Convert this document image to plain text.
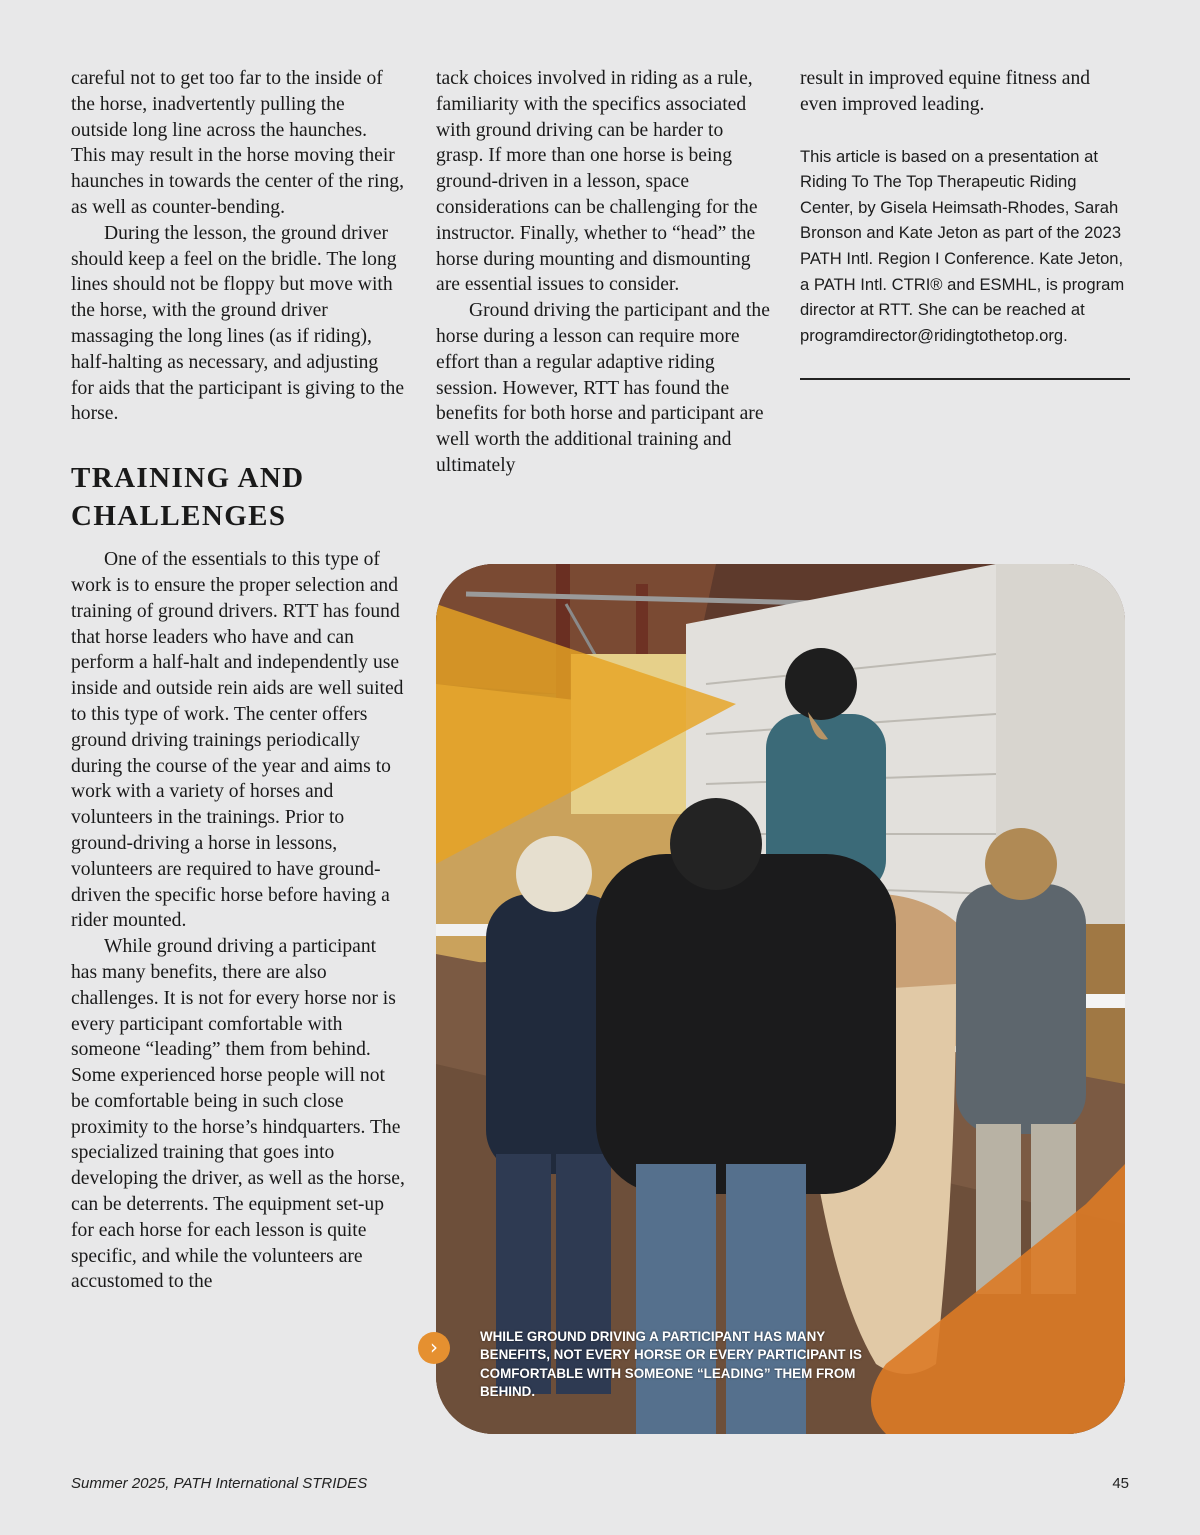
careful not to get too far to the inside of the horse, inadvertently pulling the outside long line across the haunches. This may result in the horse moving their haunches in towards the center of the ring, as well as counter-bending.

During the lesson, the ground driver should keep a feel on the bridle. The long lines should not be floppy but move with the horse, with the ground driver massaging the long lines (as if riding), half-halting as necessary, and adjusting for aids that the participant is giving to the horse.

TRAINING AND CHALLENGES

One of the essentials to this type of work is to ensure the proper selection and training of ground drivers. RTT has found that horse leaders who have and can perform a half-halt and independently use inside and outside rein aids are well suited to this type of work. The center offers ground driving trainings periodically during the course of the year and aims to work with a variety of horses and volunteers in the trainings. Prior to ground-driving a horse in lessons, volunteers are required to have ground-driven the specific horse before having a rider mounted.

While ground driving a participant has many benefits, there are also challenges. It is not for every horse nor is every participant comfortable with someone “leading” them from behind. Some experienced horse people will not be comfortable being in such close proximity to the horse’s hindquarters. The specialized training that goes into developing the driver, as well as the horse, can be deterrents. The equipment set-up for each horse for each lesson is quite specific, and while the volunteers are accustomed to the

tack choices involved in riding as a rule, familiarity with the specifics associated with ground driving can be harder to grasp. If more than one horse is being ground-driven in a lesson, space considerations can be challenging for the instructor. Finally, whether to “head” the horse during mounting and dismounting are essential issues to consider.

Ground driving the participant and the horse during a lesson can require more effort than a regular adaptive riding session. However, RTT has found the benefits for both horse and participant are well worth the additional training and ultimately

result in improved equine fitness and even improved leading.

This article is based on a presentation at Riding To The Top Therapeutic Riding Center, by Gisela Heimsath-Rhodes, Sarah Bronson and Kate Jeton as part of the 2023 PATH Intl. Region I Conference. Kate Jeton, a PATH Intl. CTRI® and ESMHL, is program director at RTT. She can be reached at programdirector@ridingtothetop.org.

WHILE GROUND DRIVING A PARTICIPANT HAS MANY BENEFITS, NOT EVERY HORSE OR EVERY PARTICIPANT IS COMFORTABLE WITH SOMEONE “LEADING” THEM FROM BEHIND.
›
Summer 2025, PATH International STRIDES	45
